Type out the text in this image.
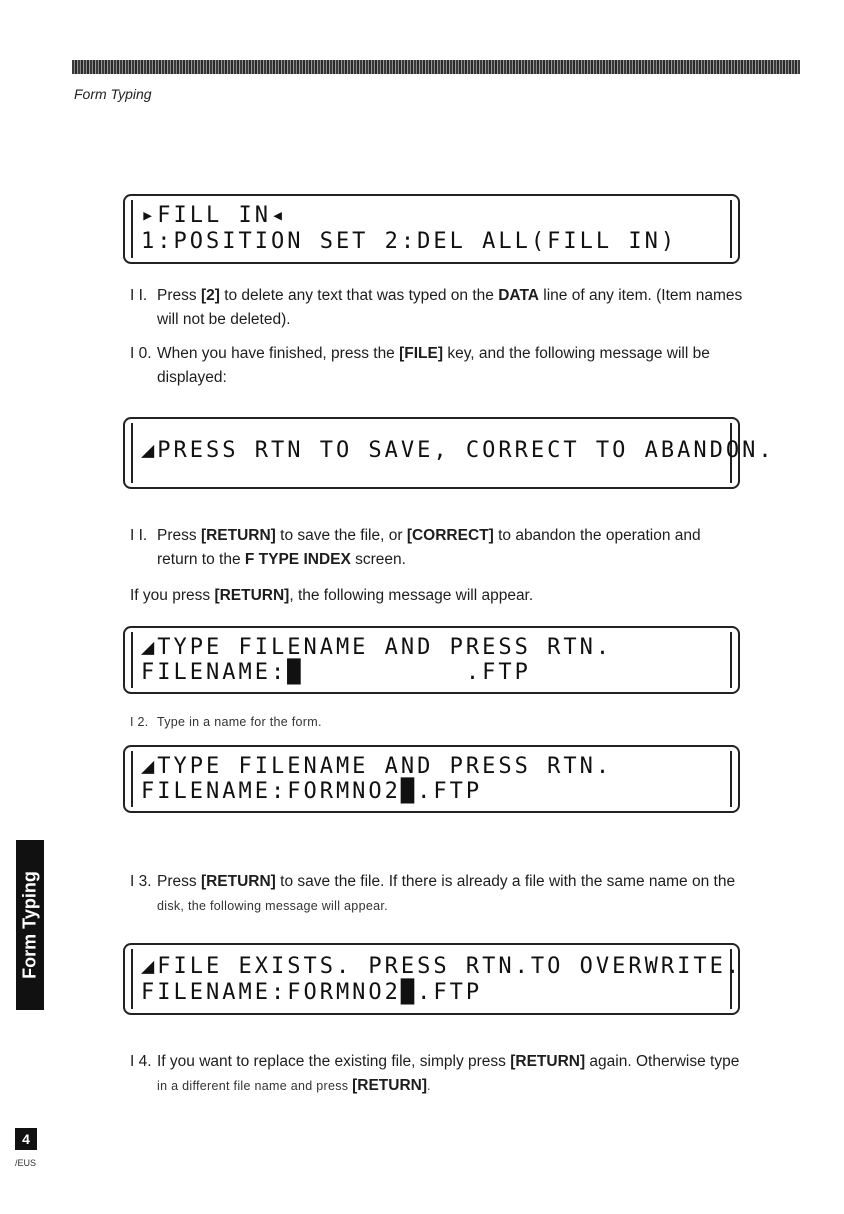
Form Typing
▸FILL IN◂
1:POSITION SET 2:DEL ALL(FILL IN)
I I. Press [2] to delete any text that was typed on the DATA line of any item. (Item names will not be deleted).
I 0. When you have finished, press the [FILE] key, and the following message will be displayed:
◢PRESS RTN TO SAVE, CORRECT TO ABANDON.
I I. Press [RETURN] to save the file, or [CORRECT] to abandon the operation and return to the F TYPE INDEX screen.
If you press [RETURN], the following message will appear.
◢TYPE FILENAME AND PRESS RTN.
FILENAME:█          .FTP
I 2. Type in a name for the form.
◢TYPE FILENAME AND PRESS RTN.
FILENAME:FORMNO2█.FTP
I 3. Press [RETURN] to save the file. If there is already a file with the same name on the
disk, the following message will appear.
◢FILE EXISTS. PRESS RTN.TO OVERWRITE.
FILENAME:FORMNO2█.FTP
I 4. If you want to replace the existing file, simply press [RETURN] again. Otherwise type
in a different file name and press [RETURN].
Form Typing
4
/EUS
